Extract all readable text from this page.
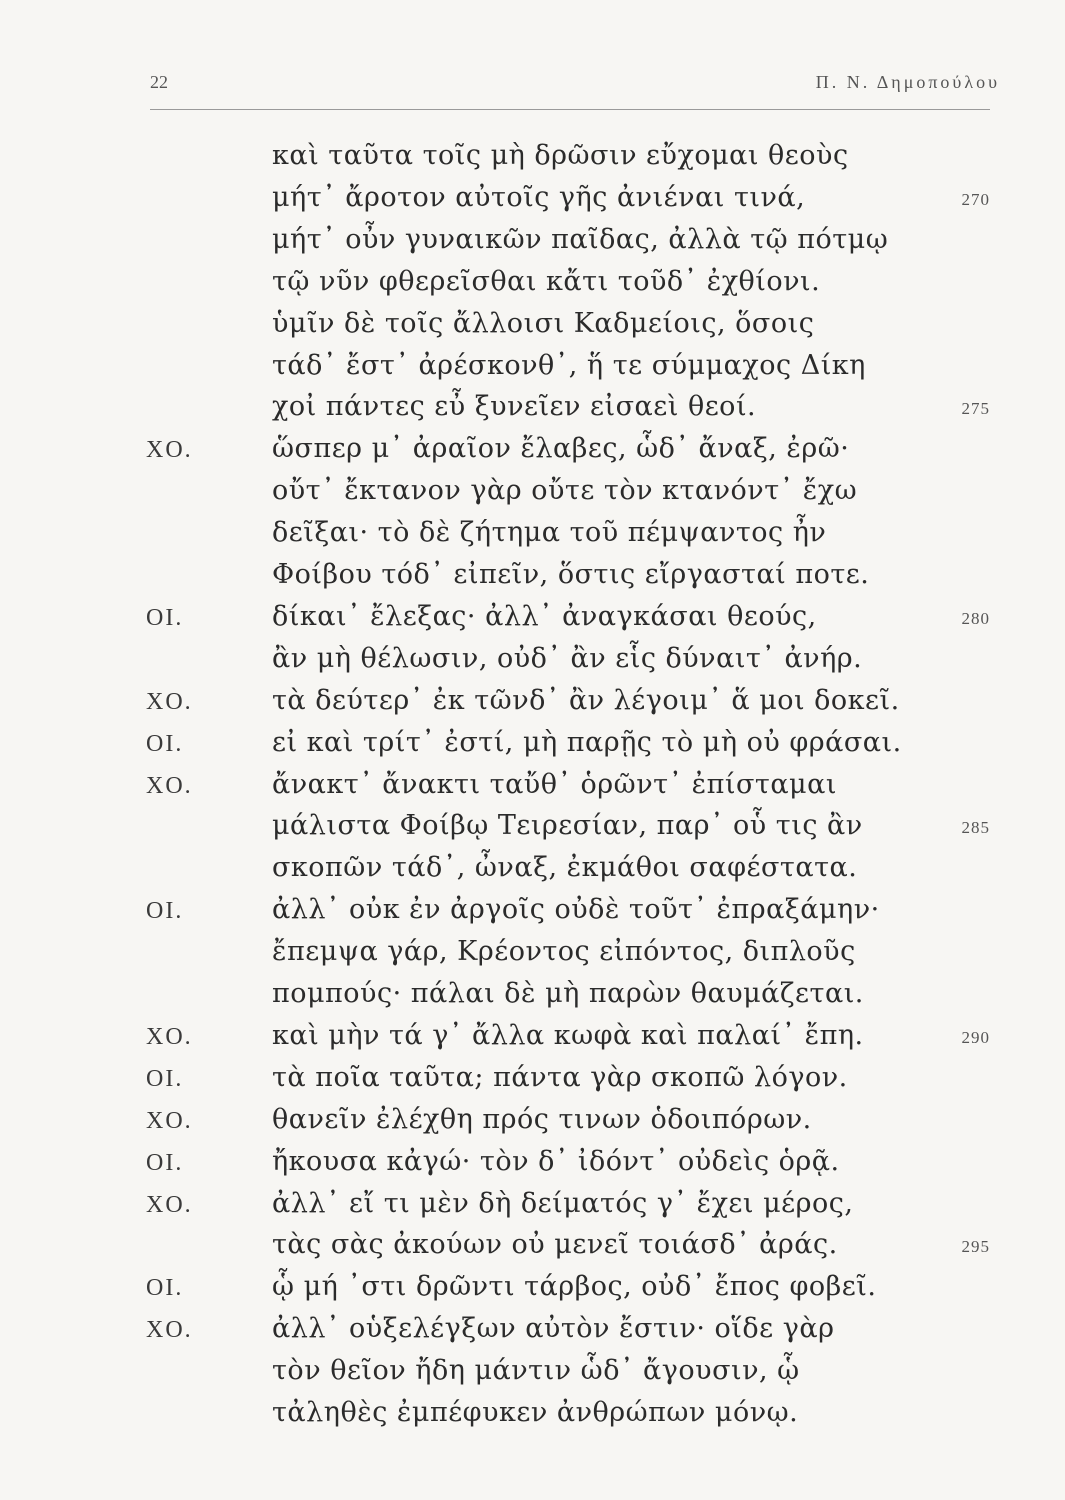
22	Π. Ν. Δημοπούλου
καὶ ταῦτα τοῖς μὴ δρῶσιν εὔχομαι θεοὺς
μήτ᾽ ἄροτον αὐτοῖς γῆς ἀνιέναι τινά,	270
μήτ᾽ οὖν γυναικῶν παῖδας, ἀλλὰ τῷ πότμῳ
τῷ νῦν φθερεῖσθαι κἄτι τοῦδ᾽ ἐχθίονι.
ὑμῖν δὲ τοῖς ἄλλοισι Καδμείοις, ὅσοις
τάδ᾽ ἔστ᾽ ἀρέσκονθ᾽, ἥ τε σύμμαχος Δίκη
χοἰ πάντες εὖ ξυνεῖεν εἰσαεὶ θεοί.	275
ΧΟ.	ὥσπερ μ᾽ ἀραῖον ἔλαβες, ὧδ᾽ ἄναξ, ἐρῶ·
οὔτ᾽ ἔκτανον γὰρ οὔτε τὸν κτανόντ᾽ ἔχω
δεῖξαι· τὸ δὲ ζήτημα τοῦ πέμψαντος ἦν
Φοίβου τόδ᾽ εἰπεῖν, ὅστις εἴργασταί ποτε.
ΟΙ.	δίκαι᾽ ἔλεξας· ἀλλ᾽ ἀναγκάσαι θεούς,	280
ἂν μὴ θέλωσιν, οὐδ᾽ ἂν εἷς δύναιτ᾽ ἀνήρ.
ΧΟ.	τὰ δεύτερ᾽ ἐκ τῶνδ᾽ ἂν λέγοιμ᾽ ἅ μοι δοκεῖ.
ΟΙ.	εἰ καὶ τρίτ᾽ ἐστί, μὴ παρῇς τὸ μὴ οὐ φράσαι.
ΧΟ.	ἄνακτ᾽ ἄνακτι ταὔθ᾽ ὁρῶντ᾽ ἐπίσταμαι
μάλιστα Φοίβῳ Τειρεσίαν, παρ᾽ οὗ τις ἂν	285
σκοπῶν τάδ᾽, ὦναξ, ἐκμάθοι σαφέστατα.
ΟΙ.	ἀλλ᾽ οὐκ ἐν ἀργοῖς οὐδὲ τοῦτ᾽ ἐπραξάμην·
ἔπεμψα γάρ, Κρέοντος εἰπόντος, διπλοῦς
πομπούς· πάλαι δὲ μὴ παρὼν θαυμάζεται.
ΧΟ.	καὶ μὴν τά γ᾽ ἄλλα κωφὰ καὶ παλαί᾽ ἔπη.	290
ΟΙ.	τὰ ποῖα ταῦτα; πάντα γὰρ σκοπῶ λόγον.
ΧΟ.	θανεῖν ἐλέχθη πρός τινων ὁδοιπόρων.
ΟΙ.	ἤκουσα κἀγώ· τὸν δ᾽ ἰδόντ᾽ οὐδεὶς ὁρᾷ.
ΧΟ.	ἀλλ᾽ εἴ τι μὲν δὴ δείματός γ᾽ ἔχει μέρος,
τὰς σὰς ἀκούων οὐ μενεῖ τοιάσδ᾽ ἀράς.	295
ΟΙ.	ᾧ μή ᾽στι δρῶντι τάρβος, οὐδ᾽ ἔπος φοβεῖ.
ΧΟ.	ἀλλ᾽ οὑξελέγξων αὐτὸν ἔστιν· οἵδε γὰρ
τὸν θεῖον ἤδη μάντιν ὧδ᾽ ἄγουσιν, ᾧ
τἀληθὲς ἐμπέφυκεν ἀνθρώπων μόνῳ.
